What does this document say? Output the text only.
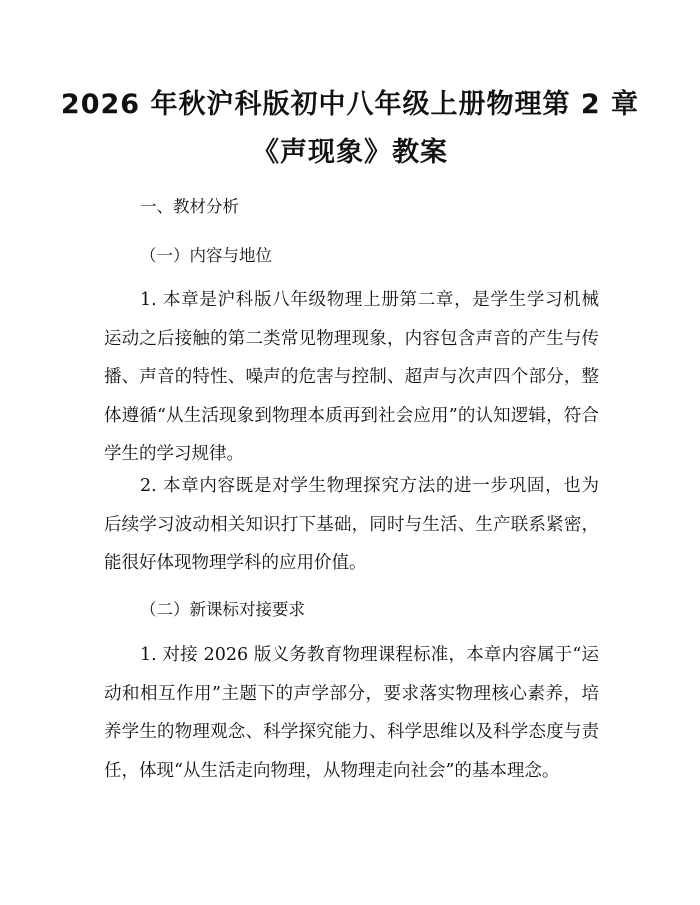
2026 年秋沪科版初中八年级上册物理第 2 章
《声现象》教案
一、教材分析
（一）内容与地位

1. 本章是沪科版八年级物理上册第二章，是学生学习机械运动之后接触的第二类常见物理现象，内容包含声音的产生与传播、声音的特性、噪声的危害与控制、超声与次声四个部分，整体遵循“从生活现象到物理本质再到社会应用”的认知逻辑，符合学生的学习规律。

2. 本章内容既是对学生物理探究方法的进一步巩固，也为后续学习波动相关知识打下基础，同时与生活、生产联系紧密，能很好体现物理学科的应用价值。

（二）新课标对接要求

1. 对接 2026 版义务教育物理课程标准，本章内容属于“运动和相互作用”主题下的声学部分，要求落实物理核心素养，培养学生的物理观念、科学探究能力、科学思维以及科学态度与责任，体现“从生活走向物理，从物理走向社会”的基本理念。
